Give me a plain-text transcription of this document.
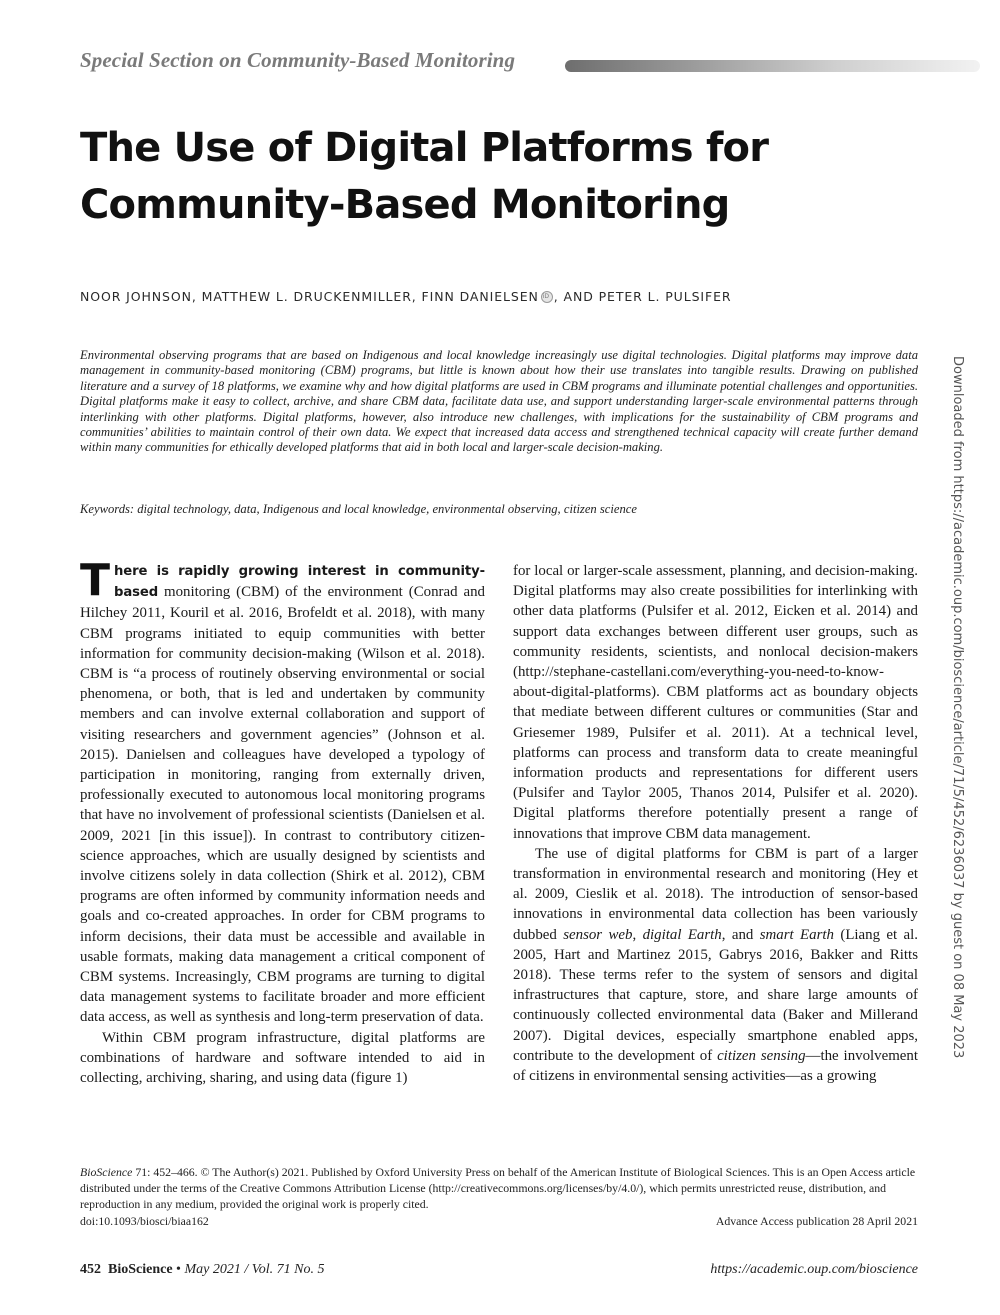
Special Section on Community-Based Monitoring
The Use of Digital Platforms for
Community-Based Monitoring
NOOR JOHNSON, MATTHEW L. DRUCKENMILLER, FINN DANIELSENiD , AND PETER L. PULSIFER

Environmental observing programs that are based on Indigenous and local knowledge increasingly use digital technologies. Digital platforms may improve data management in community-based monitoring (CBM) programs, but little is known about how their use translates into tangible results. Drawing on published literature and a survey of 18 platforms, we examine why and how digital platforms are used in CBM programs and illuminate potential challenges and opportunities. Digital platforms make it easy to collect, archive, and share CBM data, facilitate data use, and support understanding larger-scale environmental patterns through interlinking with other platforms. Digital platforms, however, also introduce new challenges, with implications for the sustainability of CBM programs and communities’ abilities to maintain control of their own data. We expect that increased data access and strengthened technical capacity will create further demand within many communities for ethically developed platforms that aid in both local and larger-scale decision-making.

Keywords: digital technology, data, Indigenous and local knowledge, environmental observing, citizen science

There is rapidly growing interest in community-based monitoring (CBM) of the environment (Conrad and Hilchey 2011, Kouril et al. 2016, Brofeldt et al. 2018), with many CBM programs initiated to equip communities with better information for community decision-making (Wilson et al. 2018). CBM is “a process of routinely observing environmental or social phenomena, or both, that is led and undertaken by community members and can involve external collaboration and support of visiting researchers and government agencies” (Johnson et al. 2015). Danielsen and colleagues have developed a typology of participation in monitoring, ranging from externally driven, professionally executed to autonomous local monitoring programs that have no involvement of professional scientists (Danielsen et al. 2009, 2021 [in this issue]). In contrast to contributory citizen-science approaches, which are usually designed by scientists and involve citizens solely in data collection (Shirk et al. 2012), CBM programs are often informed by community information needs and goals and co-created approaches. In order for CBM programs to inform decisions, their data must be accessible and available in usable formats, making data management a critical component of CBM systems. Increasingly, CBM programs are turning to digital data management systems to facilitate broader and more efficient data access, as well as synthesis and long-term preservation of data.

Within CBM program infrastructure, digital platforms are combinations of hardware and software intended to aid in collecting, archiving, sharing, and using data (figure 1)

for local or larger-scale assessment, planning, and decision-making. Digital platforms may also create possibilities for interlinking with other data platforms (Pulsifer et al. 2012, Eicken et al. 2014) and support data exchanges between different user groups, such as community residents, scientists, and nonlocal decision-makers (http://stephane-castellani.com/everything-you-need-to-know-about-digital-platforms). CBM platforms act as boundary objects that mediate between different cultures or communities (Star and Griesemer 1989, Pulsifer et al. 2011). At a technical level, platforms can process and transform data to create meaningful information products and representations for different users (Pulsifer and Taylor 2005, Thanos 2014, Pulsifer et al. 2020). Digital platforms therefore potentially present a range of innovations that improve CBM data management.

The use of digital platforms for CBM is part of a larger transformation in environmental research and monitoring (Hey et al. 2009, Cieslik et al. 2018). The introduction of sensor-based innovations in environmental data collection has been variously dubbed sensor web, digital Earth, and smart Earth (Liang et al. 2005, Hart and Martinez 2015, Gabrys 2016, Bakker and Ritts 2018). These terms refer to the system of sensors and digital infrastructures that capture, store, and share large amounts of continuously collected environmental data (Baker and Millerand 2007). Digital devices, especially smartphone enabled apps, contribute to the development of citizen sensing—the involvement of citizens in environmental sensing activities—as a growing

Downloaded from https://academic.oup.com/bioscience/article/71/5/452/6236037 by guest on 08 May 2023

BioScience 71: 452–466. © The Author(s) 2021. Published by Oxford University Press on behalf of the American Institute of Biological Sciences. This is an Open Access article distributed under the terms of the Creative Commons Attribution License (http://creativecommons.org/licenses/by/4.0/), which permits unrestricted reuse, distribution, and reproduction in any medium, provided the original work is properly cited.

doi:10.1093/biosci/biaa162	Advance Access publication 28 April 2021
452 BioScience • May 2021 / Vol. 71 No. 5	https://academic.oup.com/bioscience
